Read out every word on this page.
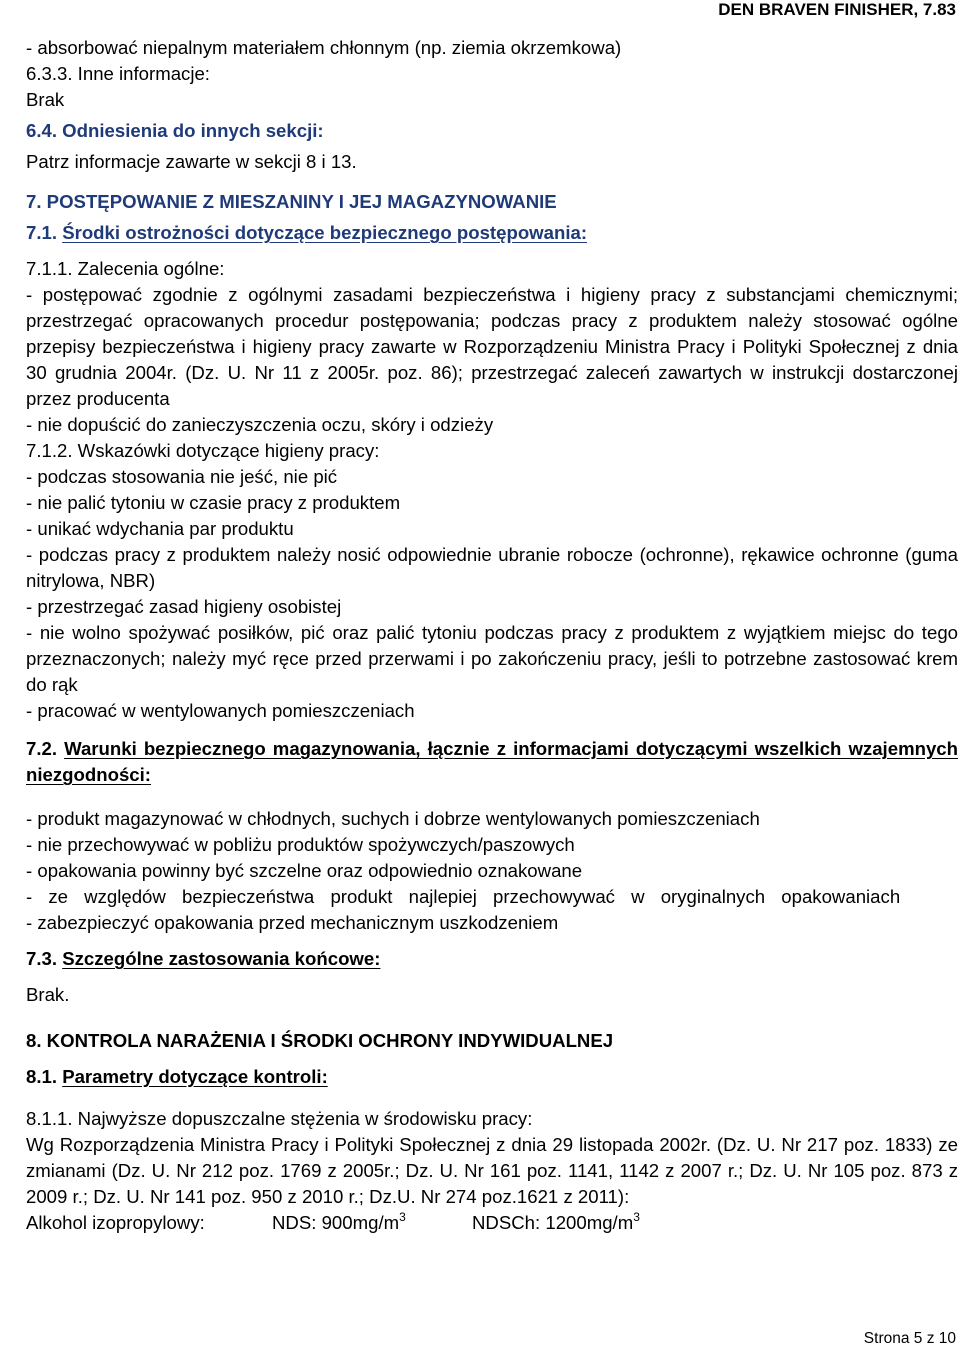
DEN BRAVEN FINISHER, 7.83

- absorbować niepalnym materiałem chłonnym (np. ziemia okrzemkowa)

6.3.3. Inne informacje:

Brak

6.4. Odniesienia do innych sekcji:

Patrz informacje zawarte w sekcji 8 i 13.

7. POSTĘPOWANIE Z MIESZANINY I JEJ MAGAZYNOWANIE

7.1. Środki ostrożności dotyczące bezpiecznego postępowania:

7.1.1. Zalecenia ogólne:

- postępować zgodnie z ogólnymi zasadami bezpieczeństwa i higieny pracy z substancjami chemicznymi; przestrzegać opracowanych procedur postępowania; podczas pracy z produktem należy stosować ogólne przepisy bezpieczeństwa i higieny pracy zawarte w Rozporządzeniu Ministra Pracy i Polityki Społecznej z dnia 30 grudnia 2004r. (Dz. U. Nr 11 z 2005r. poz. 86); przestrzegać zaleceń zawartych w instrukcji dostarczonej przez producenta

- nie dopuścić do zanieczyszczenia oczu, skóry i odzieży

7.1.2. Wskazówki dotyczące higieny pracy:

- podczas stosowania nie jeść, nie pić

- nie palić tytoniu w czasie pracy z produktem

- unikać wdychania par produktu

- podczas pracy z produktem należy nosić odpowiednie ubranie robocze (ochronne), rękawice ochronne (guma nitrylowa, NBR)

- przestrzegać zasad higieny osobistej

- nie wolno spożywać posiłków, pić oraz palić tytoniu podczas pracy z produktem z wyjątkiem miejsc do tego przeznaczonych; należy myć ręce przed przerwami i po zakończeniu pracy, jeśli to potrzebne zastosować krem do rąk

- pracować w wentylowanych pomieszczeniach

7.2. Warunki bezpiecznego magazynowania, łącznie z informacjami dotyczącymi wszelkich wzajemnych niezgodności:

- produkt magazynować w chłodnych, suchych i dobrze wentylowanych pomieszczeniach

- nie przechowywać w pobliżu produktów spożywczych/paszowych

- opakowania powinny być szczelne oraz odpowiednio oznakowane

- ze względów bezpieczeństwa produkt najlepiej przechowywać w oryginalnych opakowaniach

- zabezpieczyć opakowania przed mechanicznym uszkodzeniem

7.3. Szczególne zastosowania końcowe:

Brak.

8. KONTROLA NARAŻENIA I ŚRODKI OCHRONY INDYWIDUALNEJ

8.1. Parametry dotyczące kontroli:

8.1.1. Najwyższe dopuszczalne stężenia w środowisku pracy:

Wg Rozporządzenia Ministra Pracy i Polityki Społecznej z dnia 29 listopada 2002r. (Dz. U. Nr 217 poz. 1833) ze zmianami (Dz. U. Nr 212 poz. 1769 z 2005r.; Dz. U. Nr 161 poz. 1141, 1142 z 2007 r.; Dz. U. Nr 105 poz. 873 z 2009 r.; Dz. U. Nr 141 poz. 950 z 2010 r.; Dz.U. Nr 274 poz.1621 z 2011):

Alkohol izopropylowy:	NDS: $900mg/m^3$	NDSCh: $1200mg/m^3$
Strona 5 z 10
